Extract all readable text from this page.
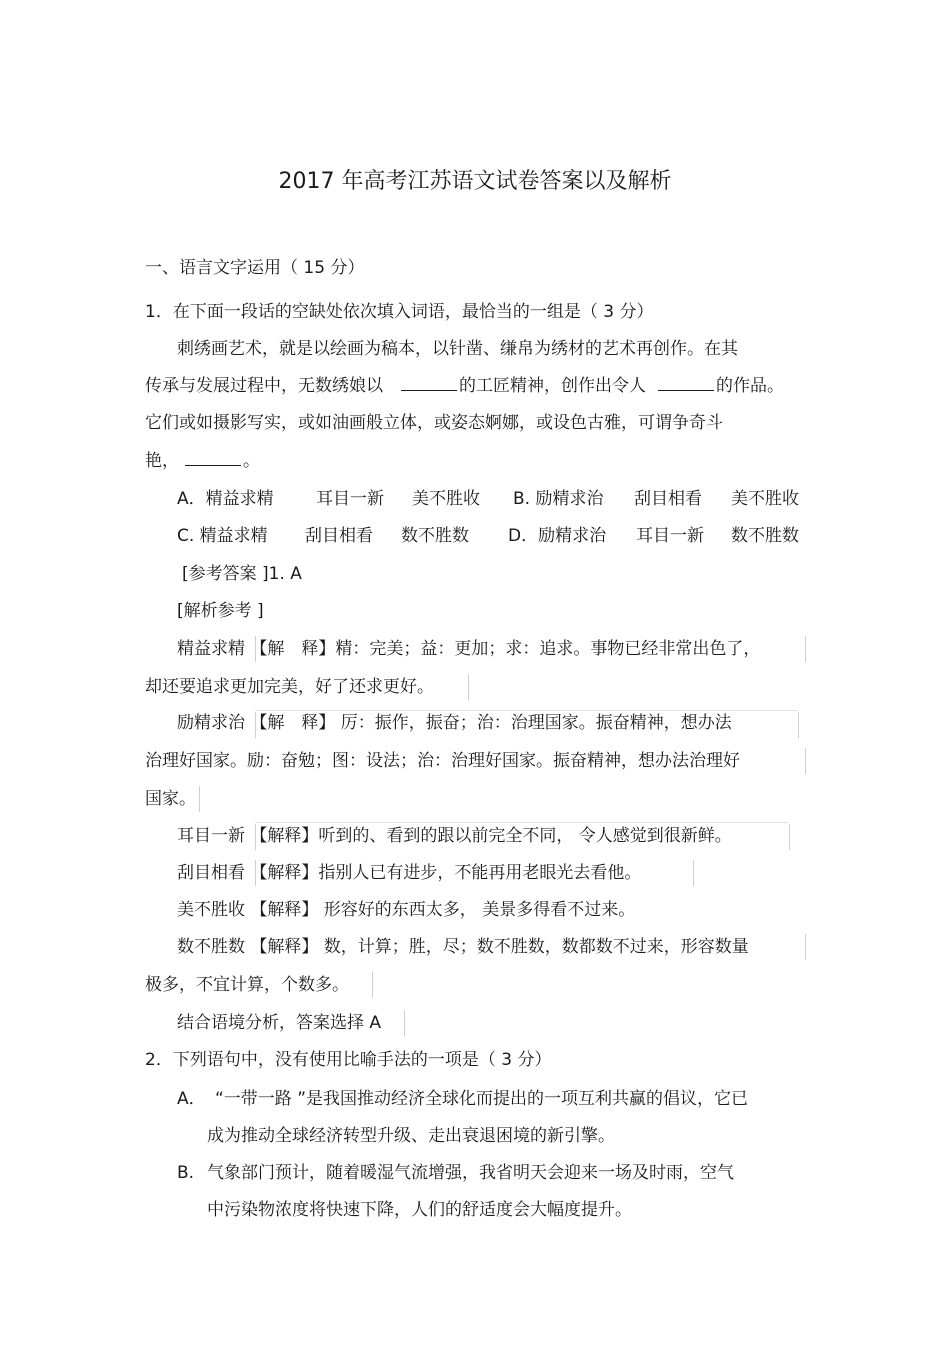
2017 年高考江苏语文试卷答案以及解析
一、语言文字运用（ 15 分）
1．在下面一段话的空缺处依次填入词语，最恰当的一组是（ 3 分）
刺绣画艺术，就是以绘画为稿本，以针凿、缣帛为绣材的艺术再创作。在其
传承与发展过程中，无数绣娘以	的工匠精神，创作出令人	的作品。
它们或如摄影写实，或如油画般立体，或姿态婀娜，或设色古雅，可谓争奇斗
艳，	。
A．精益求精 耳目一新 美不胜收 B. 励精求治 刮目相看 美不胜收
C. 精益求精 刮目相看 数不胜数 D．励精求治 耳目一新 数不胜数
[参考答案 ]1. A
[解析参考 ]
精益求精 【解　释】精：完美；益：更加；求：追求。事物已经非常出色了，
却还要追求更加完美，好了还求更好。
励精求治 【解　释】 厉：振作，振奋；治：治理国家。振奋精神，想办法
治理好国家。励：奋勉；图：设法；治：治理好国家。振奋精神，想办法治理好
国家。
耳目一新 【解释】听到的、看到的跟以前完全不同， 令人感觉到很新鲜。
刮目相看 【解释】指别人已有进步，不能再用老眼光去看他。
美不胜收 【解释】 形容好的东西太多， 美景多得看不过来。
数不胜数 【解释】 数，计算；胜，尽；数不胜数，数都数不过来，形容数量
极多，不宜计算，个数多。
结合语境分析，答案选择 A
2．下列语句中，没有使用比喻手法的一项是（ 3 分）
A． “一带一路 ”是我国推动经济全球化而提出的一项互利共赢的倡议，它已
成为推动全球经济转型升级、走出衰退困境的新引擎。
B. 气象部门预计，随着暖湿气流增强，我省明天会迎来一场及时雨，空气
中污染物浓度将快速下降，人们的舒适度会大幅度提升。
